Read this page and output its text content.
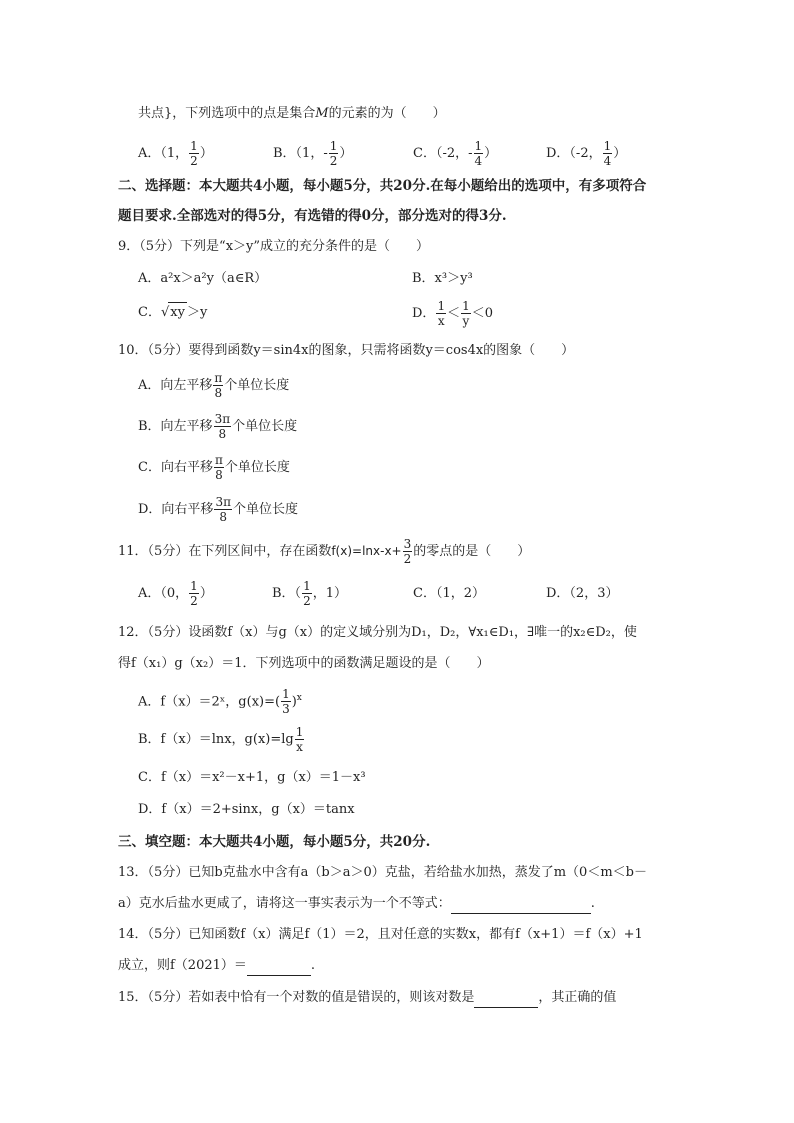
共点}，下列选项中的点是集合M的元素的为（　　）
A．（1， $\frac{1}{2}$ ）	B．（1，- $\frac{1}{2}$ ）	C．（-2，- $\frac{1}{4}$ ）	D．（-2， $\frac{1}{4}$ ）
二、选择题：本大题共4小题，每小题5分，共20分.在每小题给出的选项中，有多项符合
题目要求.全部选对的得5分，有选错的得0分，部分选对的得3分.
9．（5分）下列是“x＞y”成立的充分条件的是（　　）
A．a²x＞a²y（a∈R）	B．x³＞y³
C．√xy ＞y	D． $\frac{1}{x} < \frac{1}{y} <0$
10．（5分）要得到函数y＝sin4x的图象，只需将函数y＝cos4x的图象（　　）
A．向左平移 $\frac{\pi}{8}$ 个单位长度
B．向左平移 $\frac{3\pi}{8}$ 个单位长度
C．向右平移 $\frac{\pi}{8}$ 个单位长度
D．向右平移 $\frac{3\pi}{8}$ 个单位长度
11．（5分）在下列区间中，存在函数$f(x)=\ln x-x+ \frac{3}{2}$ 的零点的是（　　）
A．（0， $\frac{1}{2}$ ）	B．（ $\frac{1}{2}$ ，1）	C．（1，2）	D．（2，3）
12．（5分）设函数f（x）与g（x）的定义域分别为D₁，D₂，∀x₁∈D₁，∃唯一的x₂∈D₂，使
得f（x₁）g（x₂）＝1．下列选项中的函数满足题设的是（　　）
A．f（x）＝2ˣ，$g(x)=( \frac{1}{3} )^x$
B．f（x）＝lnx，$g(x)=\lg \frac{1}{x}$
C．f（x）＝x²－x+1，g（x）＝1－x³
D．f（x）＝2+sinx，g（x）＝tanx
三、填空题：本大题共4小题，每小题5分，共20分.
13．（5分）已知b克盐水中含有a（b＞a＞0）克盐，若给盐水加热，蒸发了m（0＜m＜b－
a）克水后盐水更咸了，请将这一事实表示为一个不等式：	.
14．（5分）已知函数f（x）满足f（1）＝2，且对任意的实数x，都有f（x+1）＝f（x）+1
成立，则f（2021）＝	.
15．（5分）若如表中恰有一个对数的值是错误的，则该对数是	，其正确的值
